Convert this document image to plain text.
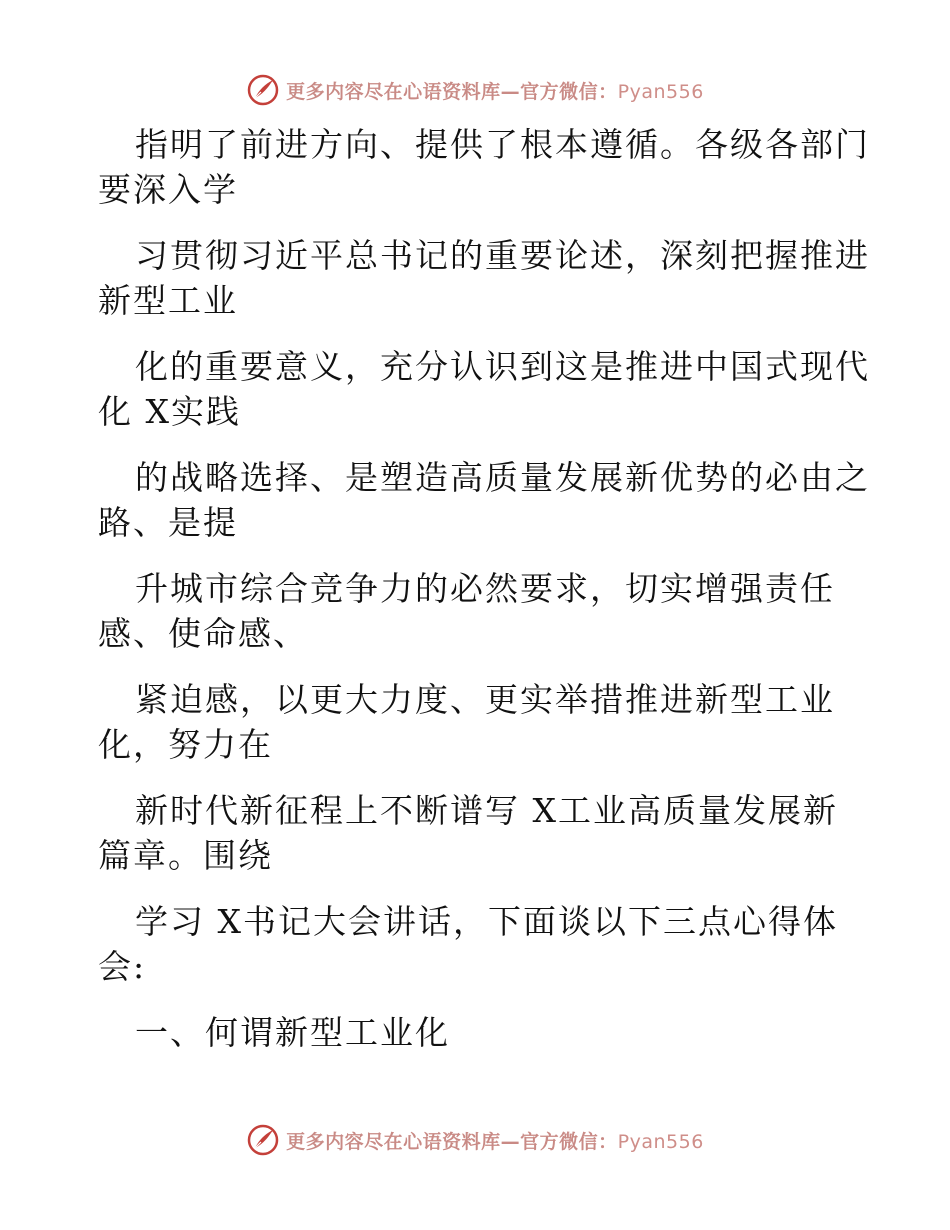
更多内容尽在心语资料库—官方微信：Pyan556
指明了前进方向、提供了根本遵循。各级各部门
要深入学
习贯彻习近平总书记的重要论述，深刻把握推进
新型工业
化的重要意义，充分认识到这是推进中国式现代
化 X实践
的战略选择、是塑造高质量发展新优势的必由之
路、是提
升城市综合竞争力的必然要求，切实增强责任
感、使命感、
紧迫感，以更大力度、更实举措推进新型工业
化，努力在
新时代新征程上不断谱写 X工业高质量发展新
篇章。围绕
学习 X书记大会讲话，下面谈以下三点心得体
会:
一、何谓新型工业化
更多内容尽在心语资料库—官方微信：Pyan556
